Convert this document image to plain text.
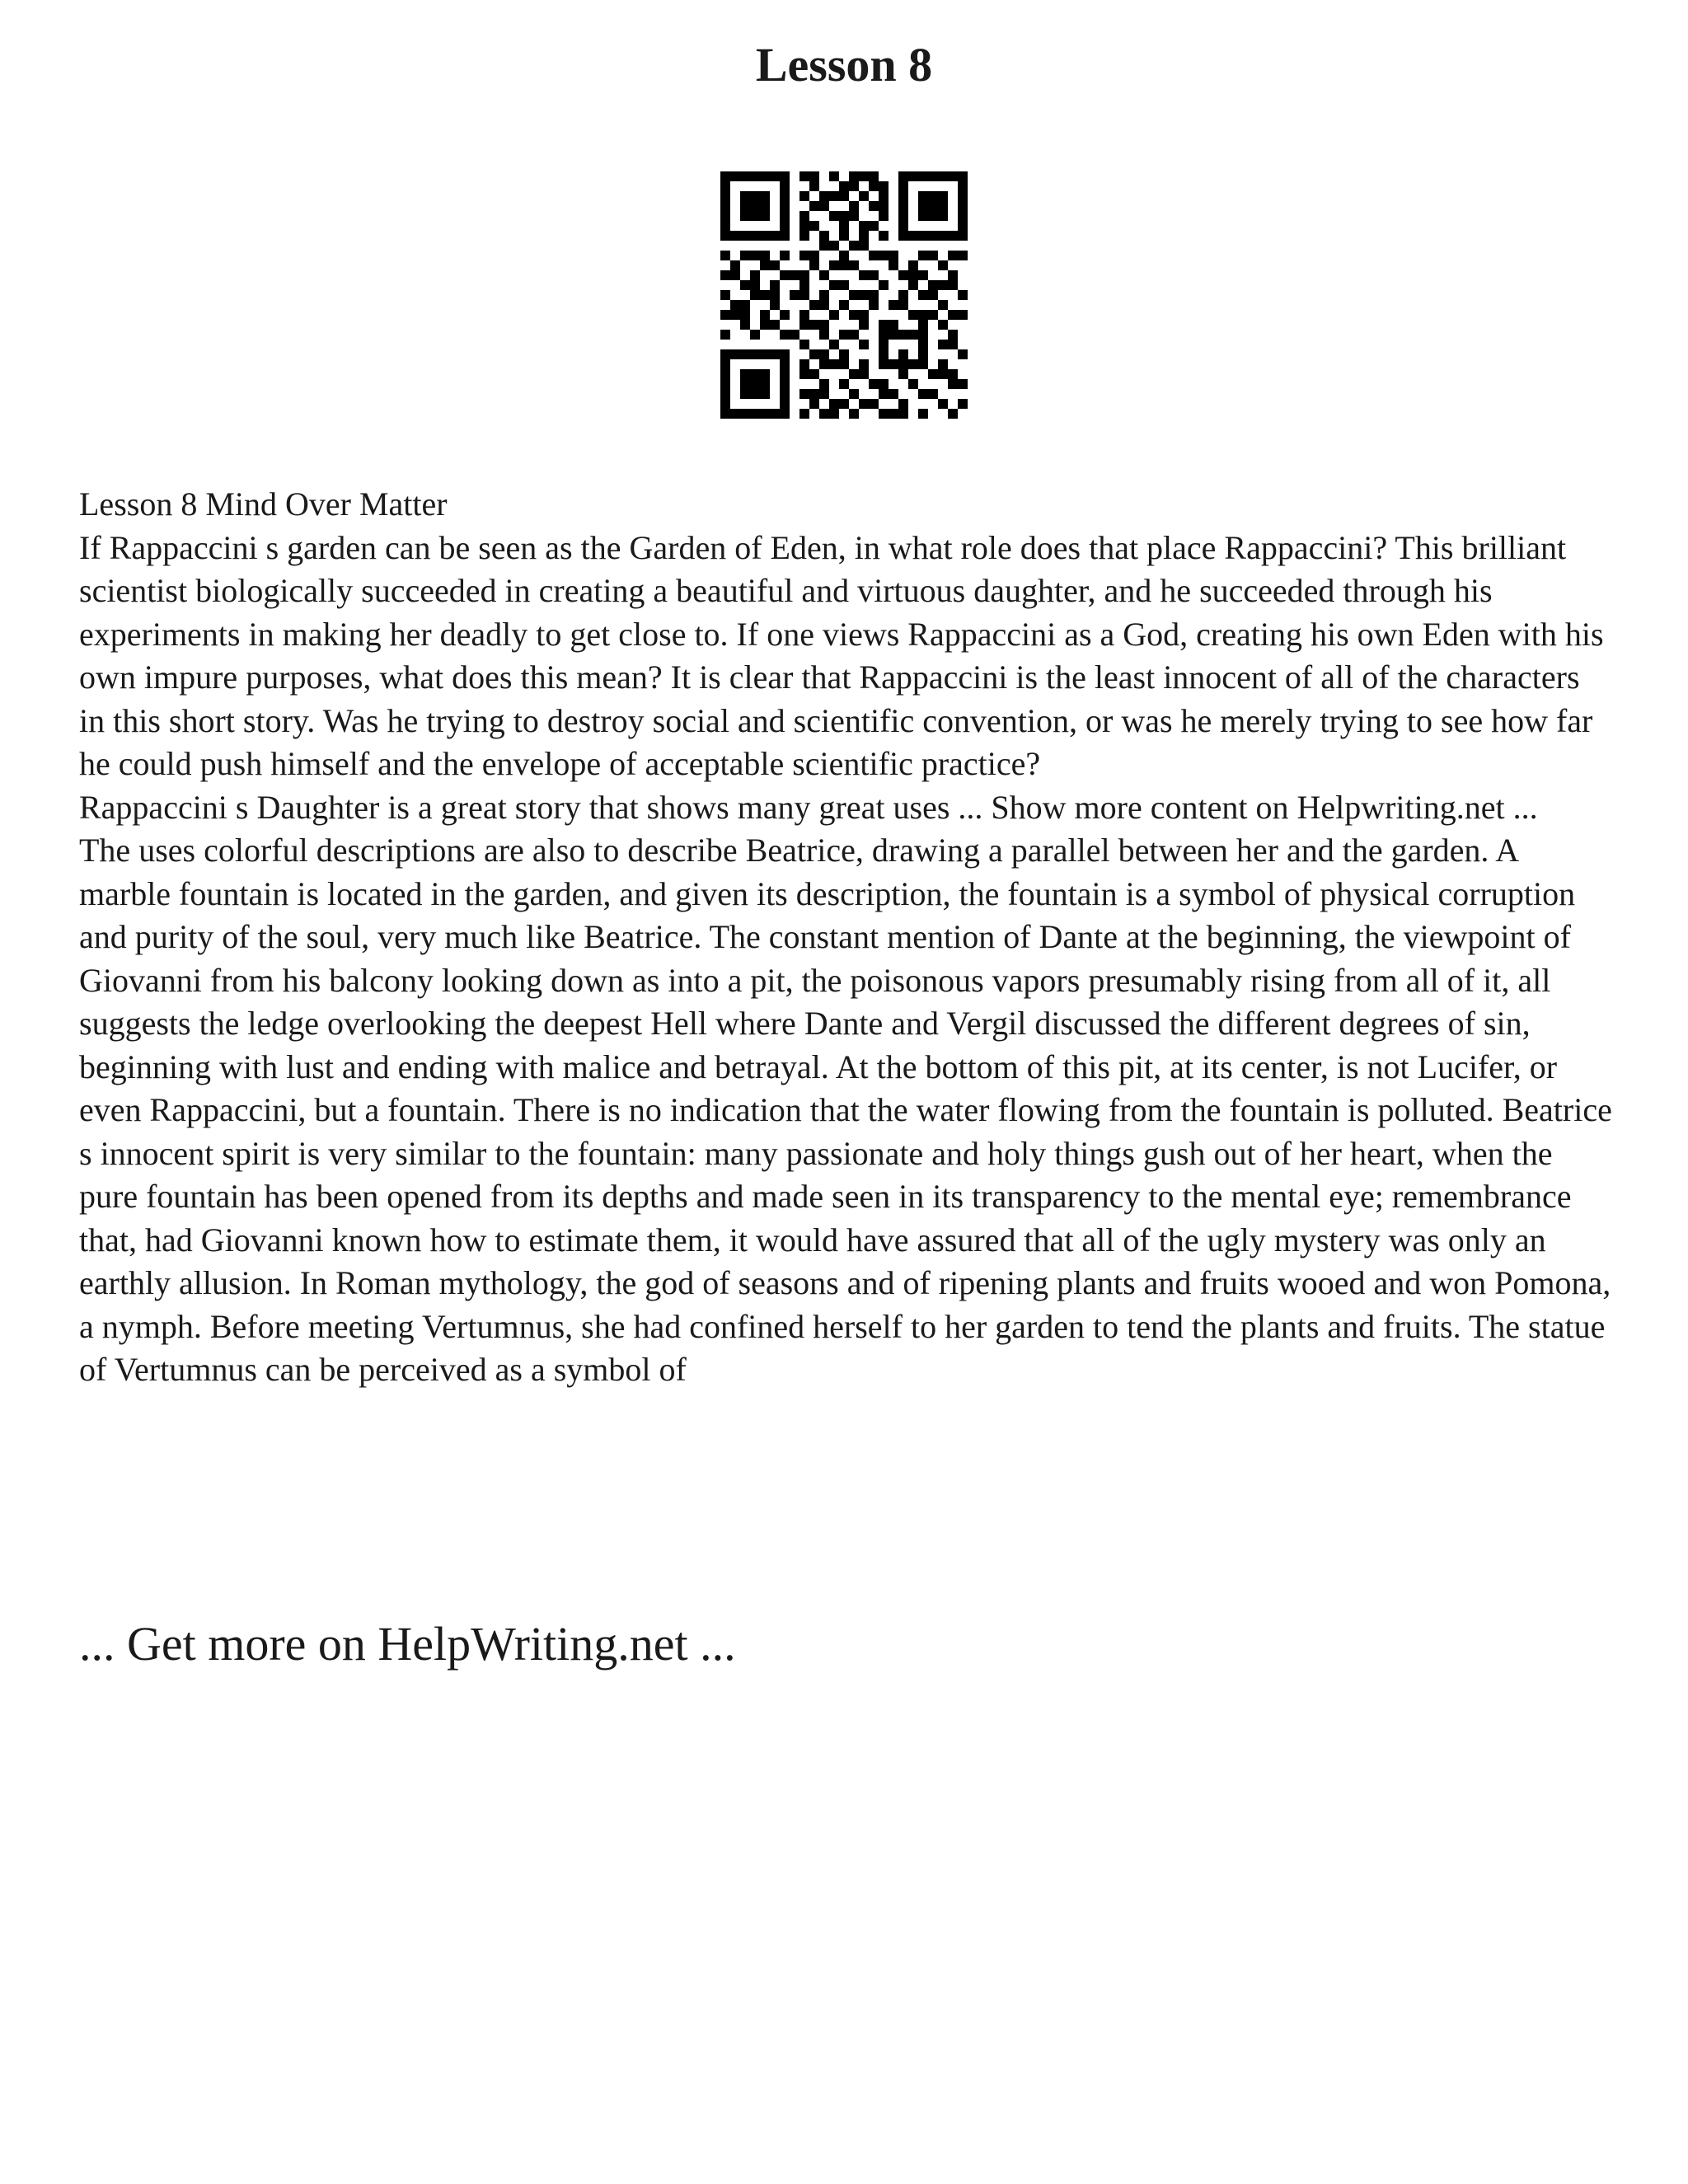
Lesson 8

Lesson 8 Mind Over Matter

If Rappaccini s garden can be seen as the Garden of Eden, in what role does that place Rappaccini? This brilliant scientist biologically succeeded in creating a beautiful and virtuous daughter, and he succeeded through his experiments in making her deadly to get close to. If one views Rappaccini as a God, creating his own Eden with his own impure purposes, what does this mean? It is clear that Rappaccini is the least innocent of all of the characters in this short story. Was he trying to destroy social and scientific convention, or was he merely trying to see how far he could push himself and the envelope of acceptable scientific practice?

Rappaccini s Daughter is a great story that shows many great uses ... Show more content on Helpwriting.net ...

The uses colorful descriptions are also to describe Beatrice, drawing a parallel between her and the garden. A marble fountain is located in the garden, and given its description, the fountain is a symbol of physical corruption and purity of the soul, very much like Beatrice. The constant mention of Dante at the beginning, the viewpoint of Giovanni from his balcony looking down as into a pit, the poisonous vapors presumably rising from all of it, all suggests the ledge overlooking the deepest Hell where Dante and Vergil discussed the different degrees of sin, beginning with lust and ending with malice and betrayal. At the bottom of this pit, at its center, is not Lucifer, or even Rappaccini, but a fountain. There is no indication that the water flowing from the fountain is polluted. Beatrice s innocent spirit is very similar to the fountain: many passionate and holy things gush out of her heart, when the pure fountain has been opened from its depths and made seen in its transparency to the mental eye; remembrance that, had Giovanni known how to estimate them, it would have assured that all of the ugly mystery was only an earthly allusion. In Roman mythology, the god of seasons and of ripening plants and fruits wooed and won Pomona, a nymph. Before meeting Vertumnus, she had confined herself to her garden to tend the plants and fruits. The statue of Vertumnus can be perceived as a symbol of

... Get more on HelpWriting.net ...
